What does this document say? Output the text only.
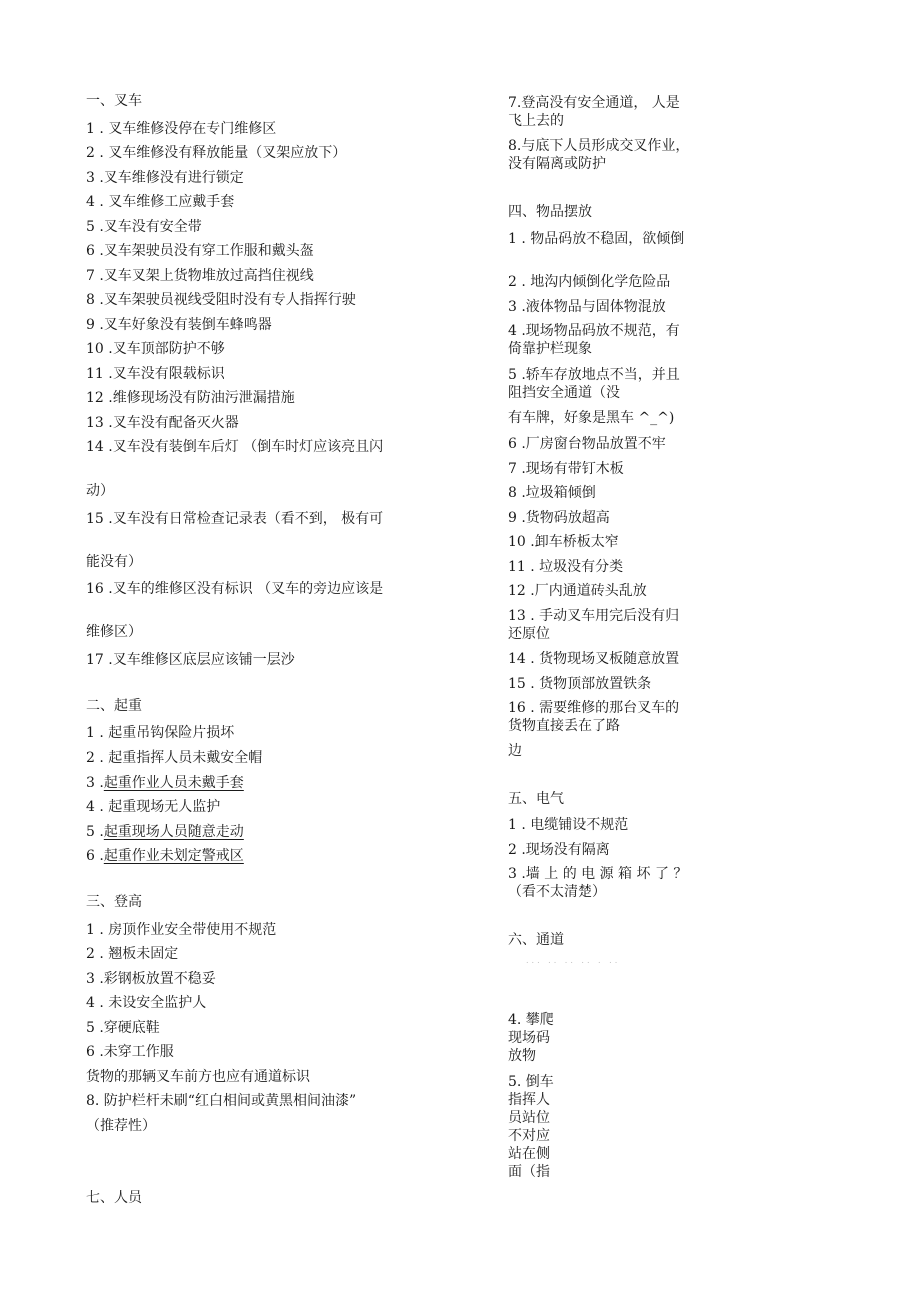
一、叉车
1 . 叉车维修没停在专门维修区
2 . 叉车维修没有释放能量（叉架应放下）
3 .叉车维修没有进行锁定
4 . 叉车维修工应戴手套
5 .叉车没有安全带
6 .叉车架驶员没有穿工作服和戴头盔
7 .叉车叉架上货物堆放过高挡住视线
8 .叉车架驶员视线受阻时没有专人指挥行驶
9 .叉车好象没有装倒车蜂鸣器
10 .叉车顶部防护不够
11 .叉车没有限载标识
12 .维修现场没有防油污泄漏措施
13 .叉车没有配备灭火器
14 .叉车没有装倒车后灯 （倒车时灯应该亮且闪
动）
15 .叉车没有日常检查记录表（看不到， 极有可
能没有）
16 .叉车的维修区没有标识 （叉车的旁边应该是
维修区）
17 .叉车维修区底层应该铺一层沙
二、起重
1 . 起重吊钩保险片损坏
2 . 起重指挥人员未戴安全帽
3 .起重作业人员未戴手套
4 . 起重现场无人监护
5 .起重现场人员随意走动
6 .起重作业未划定警戒区
三、登高
1 . 房顶作业安全带使用不规范
2 . 翘板未固定
3 .彩钢板放置不稳妥
4 . 未设安全监护人
5 .穿硬底鞋
6 .未穿工作服
货物的那辆叉车前方也应有通道标识
8. 防护栏杆未刷“红白相间或黄黑相间油漆”
（推荐性）
七、人员
7.登高没有安全通道， 人是飞上去的
8.与底下人员形成交叉作业，没有隔离或防护
四、物品摆放
1 . 物品码放不稳固，欲倾倒
2 . 地沟内倾倒化学危险品
3 .液体物品与固体物混放
4 .现场物品码放不规范，有倚靠护栏现象
5 .轿车存放地点不当，并且阻挡安全通道（没
有车牌，好象是黑车 ^_^)
6 .厂房窗台物品放置不牢
7 .现场有带钉木板
8 .垃圾箱倾倒
9 .货物码放超高
10 .卸车桥板太窄
11 . 垃圾没有分类
12 .厂内通道砖头乱放
13 . 手动叉车用完后没有归还原位
14 . 货物现场叉板随意放置
15 . 货物顶部放置铁条
16 . 需要维修的那台叉车的货物直接丢在了路
边
五、电气
1 . 电缆铺设不规范
2 .现场没有隔离
3 .墙 上 的 电 源 箱 坏 了 ？ （看不太清楚）
六、通道
... .. .. .. . ..
4. 攀爬现场码放物
5. 倒车指挥人员站位不对应站在侧面（指
